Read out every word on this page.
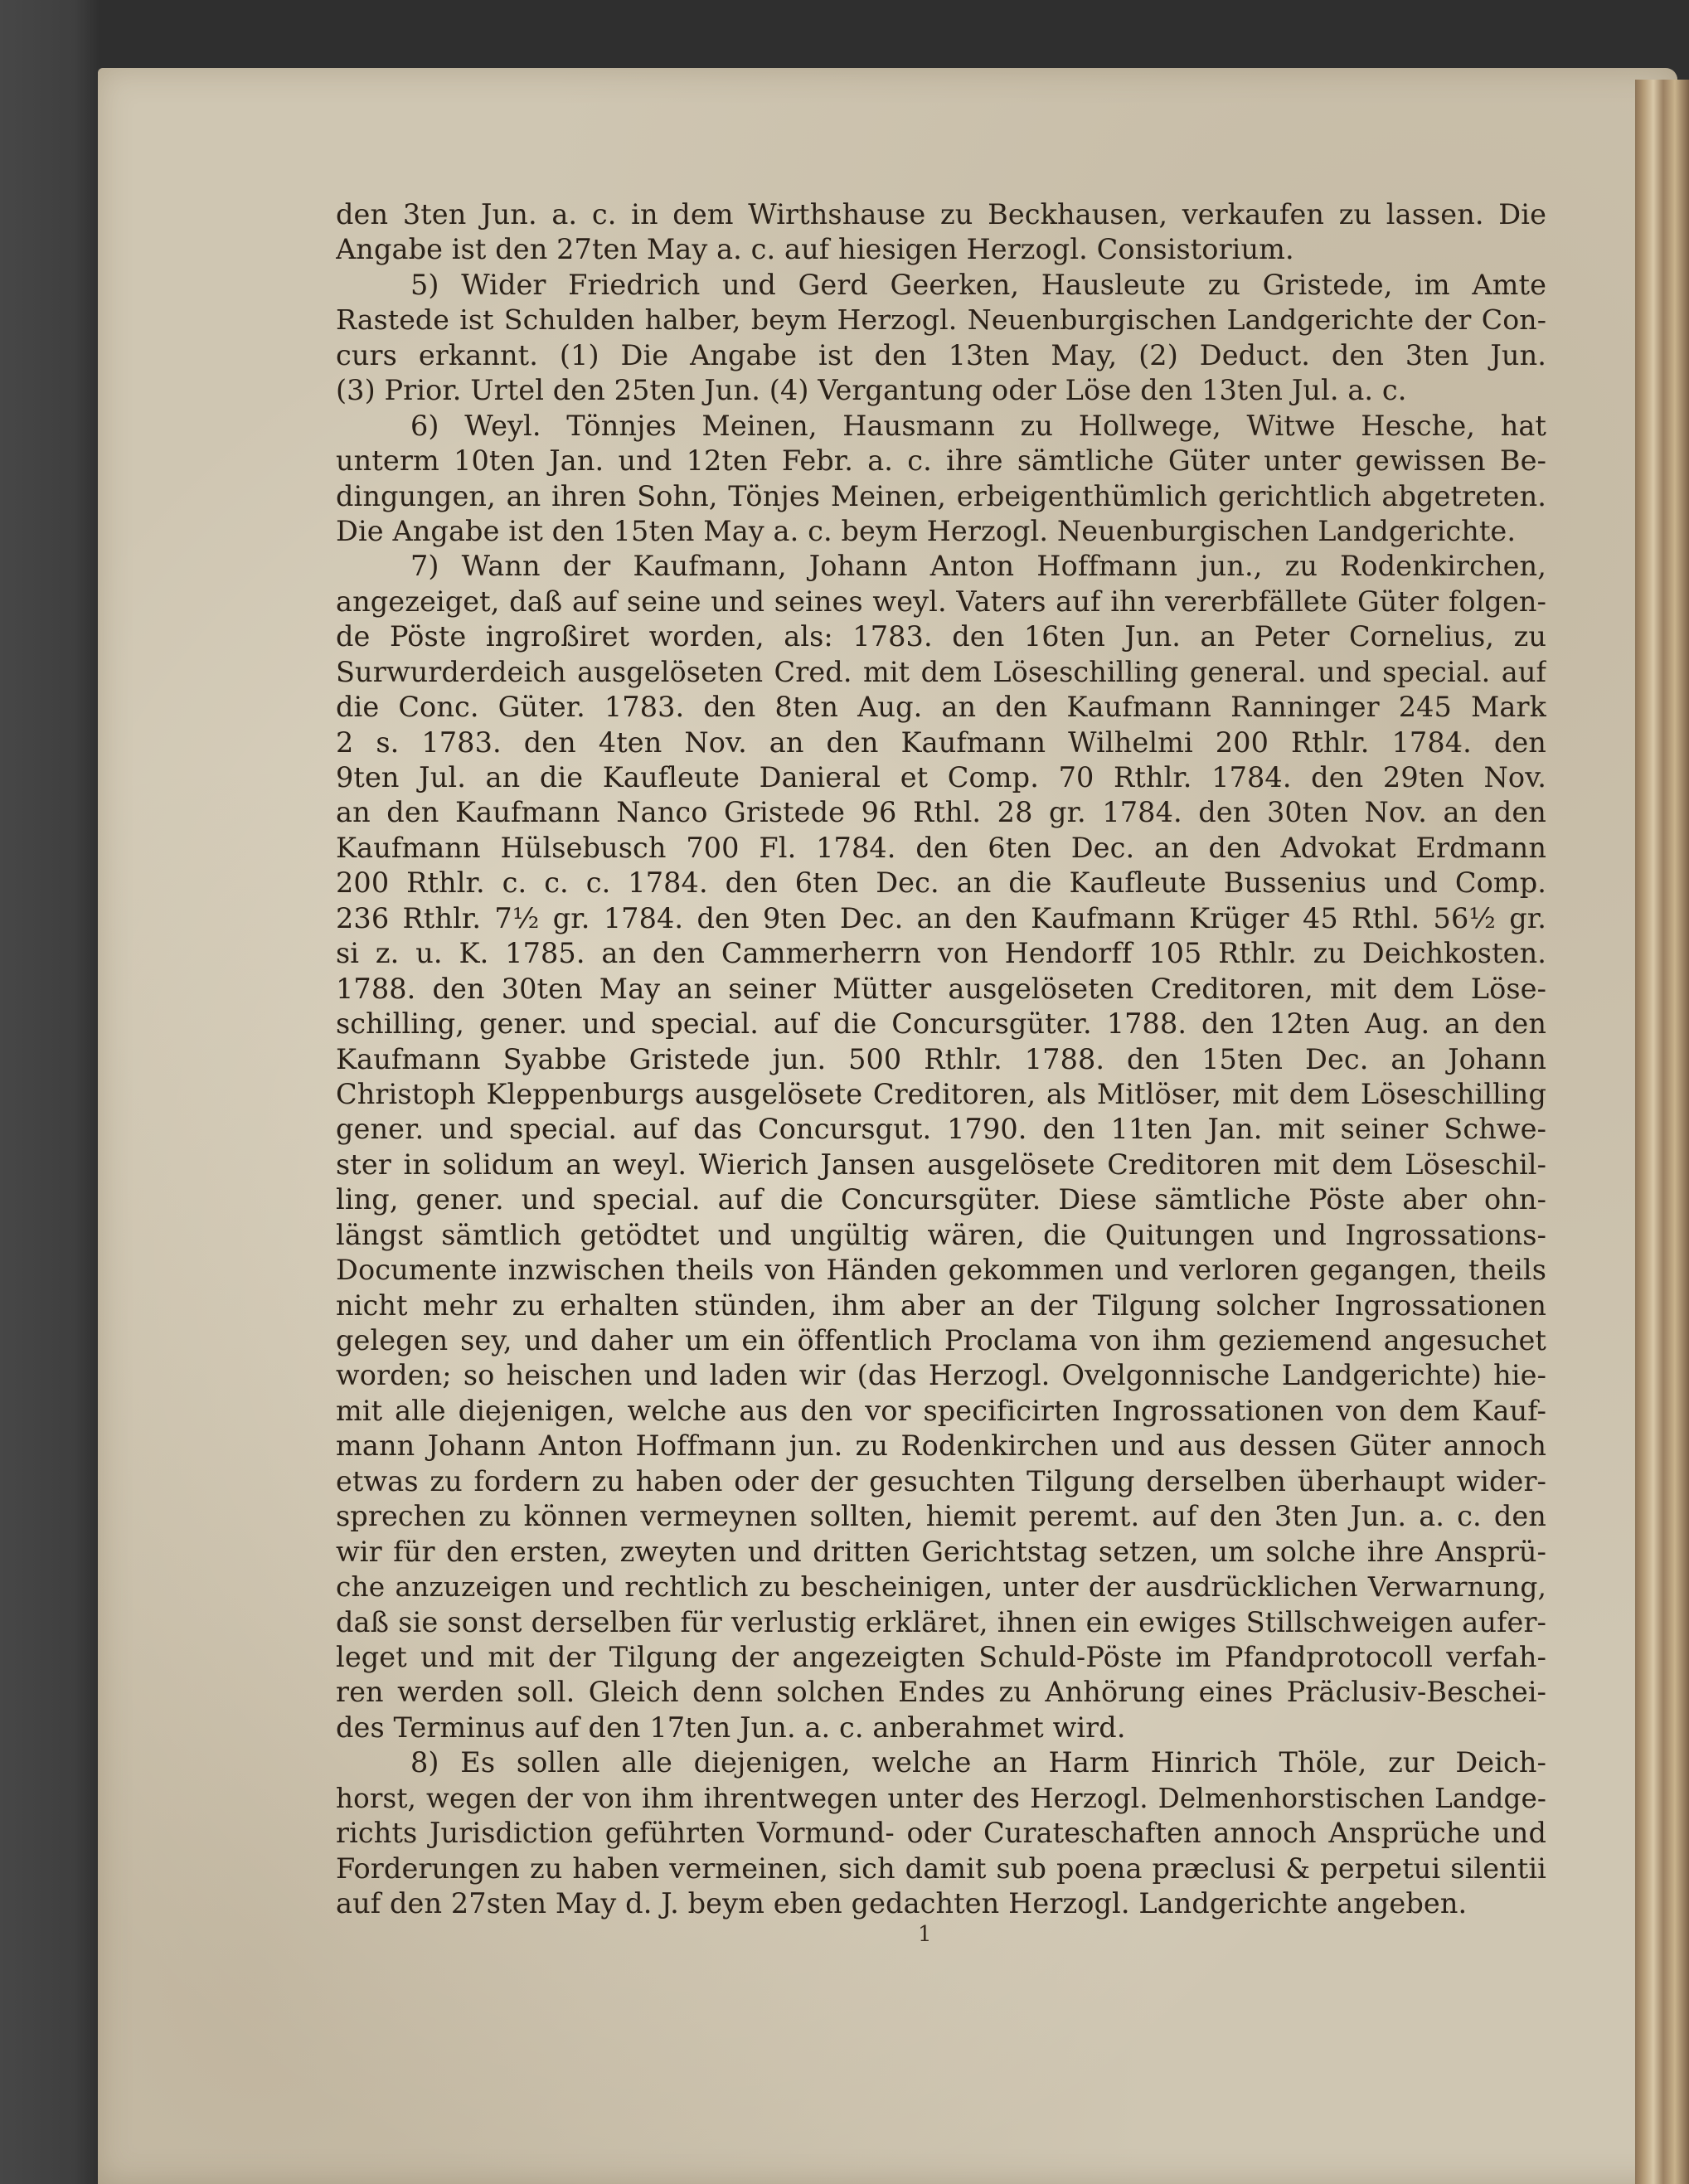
den 3ten Jun. a. c. in dem Wirthshause zu Beckhausen, verkaufen zu lassen. Die
Angabe ist den 27ten May a. c. auf hiesigen Herzogl. Consistorium.
5) Wider Friedrich und Gerd Geerken, Hausleute zu Gristede, im Amte
Rastede ist Schulden halber, beym Herzogl. Neuenburgischen Landgerichte der Con-
curs erkannt. (1) Die Angabe ist den 13ten May, (2) Deduct. den 3ten Jun.
(3) Prior. Urtel den 25ten Jun. (4) Vergantung oder Löse den 13ten Jul. a. c.
6) Weyl. Tönnjes Meinen, Hausmann zu Hollwege, Witwe Hesche, hat
unterm 10ten Jan. und 12ten Febr. a. c. ihre sämtliche Güter unter gewissen Be-
dingungen, an ihren Sohn, Tönjes Meinen, erbeigenthümlich gerichtlich abgetreten.
Die Angabe ist den 15ten May a. c. beym Herzogl. Neuenburgischen Landgerichte.
7) Wann der Kaufmann, Johann Anton Hoffmann jun., zu Rodenkirchen,
angezeiget, daß auf seine und seines weyl. Vaters auf ihn vererbfällete Güter folgen-
de Pöste ingroßiret worden, als: 1783. den 16ten Jun. an Peter Cornelius, zu
Surwurderdeich ausgelöseten Cred. mit dem Löseschilling general. und special. auf
die Conc. Güter. 1783. den 8ten Aug. an den Kaufmann Ranninger 245 Mark
2 s. 1783. den 4ten Nov. an den Kaufmann Wilhelmi 200 Rthlr. 1784. den
9ten Jul. an die Kaufleute Danieral et Comp. 70 Rthlr. 1784. den 29ten Nov.
an den Kaufmann Nanco Gristede 96 Rthl. 28 gr. 1784. den 30ten Nov. an den
Kaufmann Hülsebusch 700 Fl. 1784. den 6ten Dec. an den Advokat Erdmann
200 Rthlr. c. c. c. 1784. den 6ten Dec. an die Kaufleute Bussenius und Comp.
236 Rthlr. 7½ gr. 1784. den 9ten Dec. an den Kaufmann Krüger 45 Rthl. 56½ gr.
si z. u. K. 1785. an den Cammerherrn von Hendorff 105 Rthlr. zu Deichkosten.
1788. den 30ten May an seiner Mütter ausgelöseten Creditoren, mit dem Löse-
schilling, gener. und special. auf die Concursgüter. 1788. den 12ten Aug. an den
Kaufmann Syabbe Gristede jun. 500 Rthlr. 1788. den 15ten Dec. an Johann
Christoph Kleppenburgs ausgelösete Creditoren, als Mitlöser, mit dem Löseschilling
gener. und special. auf das Concursgut. 1790. den 11ten Jan. mit seiner Schwe-
ster in solidum an weyl. Wierich Jansen ausgelösete Creditoren mit dem Löseschil-
ling, gener. und special. auf die Concursgüter. Diese sämtliche Pöste aber ohn-
längst sämtlich getödtet und ungültig wären, die Quitungen und Ingrossations-
Documente inzwischen theils von Händen gekommen und verloren gegangen, theils
nicht mehr zu erhalten stünden, ihm aber an der Tilgung solcher Ingrossationen
gelegen sey, und daher um ein öffentlich Proclama von ihm geziemend angesuchet
worden; so heischen und laden wir (das Herzogl. Ovelgonnische Landgerichte) hie-
mit alle diejenigen, welche aus den vor specificirten Ingrossationen von dem Kauf-
mann Johann Anton Hoffmann jun. zu Rodenkirchen und aus dessen Güter annoch
etwas zu fordern zu haben oder der gesuchten Tilgung derselben überhaupt wider-
sprechen zu können vermeynen sollten, hiemit peremt. auf den 3ten Jun. a. c. den
wir für den ersten, zweyten und dritten Gerichtstag setzen, um solche ihre Ansprü-
che anzuzeigen und rechtlich zu bescheinigen, unter der ausdrücklichen Verwarnung,
daß sie sonst derselben für verlustig erkläret, ihnen ein ewiges Stillschweigen aufer-
leget und mit der Tilgung der angezeigten Schuld-Pöste im Pfandprotocoll verfah-
ren werden soll. Gleich denn solchen Endes zu Anhörung eines Präclusiv-Beschei-
des Terminus auf den 17ten Jun. a. c. anberahmet wird.
8) Es sollen alle diejenigen, welche an Harm Hinrich Thöle, zur Deich-
horst, wegen der von ihm ihrentwegen unter des Herzogl. Delmenhorstischen Landge-
richts Jurisdiction geführten Vormund- oder Curateschaften annoch Ansprüche und
Forderungen zu haben vermeinen, sich damit sub poena præclusi & perpetui silentii
auf den 27sten May d. J. beym eben gedachten Herzogl. Landgerichte angeben.
1
